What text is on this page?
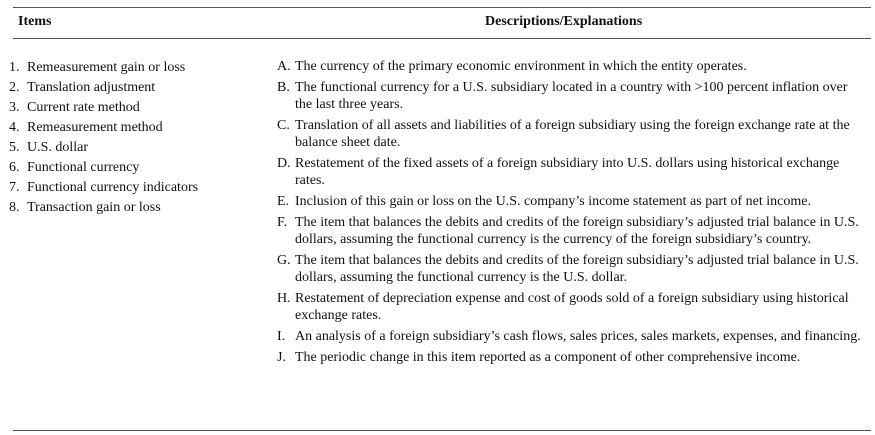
Items	Descriptions/Explanations
1. Remeasurement gain or loss
2. Translation adjustment
3. Current rate method
4. Remeasurement method
5. U.S. dollar
6. Functional currency
7. Functional currency indicators
8. Transaction gain or loss
A. The currency of the primary economic environment in which the entity operates.
B. The functional currency for a U.S. subsidiary located in a country with >100 percent inflation over the last three years.
C. Translation of all assets and liabilities of a foreign subsidiary using the foreign exchange rate at the balance sheet date.
D. Restatement of the fixed assets of a foreign subsidiary into U.S. dollars using historical exchange rates.
E. Inclusion of this gain or loss on the U.S. company’s income statement as part of net income.
F. The item that balances the debits and credits of the foreign subsidiary’s adjusted trial balance in U.S. dollars, assuming the functional currency is the currency of the foreign subsidiary’s country.
G. The item that balances the debits and credits of the foreign subsidiary’s adjusted trial balance in U.S. dollars, assuming the functional currency is the U.S. dollar.
H. Restatement of depreciation expense and cost of goods sold of a foreign subsidiary using historical exchange rates.
I. An analysis of a foreign subsidiary’s cash flows, sales prices, sales markets, expenses, and financing.
J. The periodic change in this item reported as a component of other comprehensive income.
